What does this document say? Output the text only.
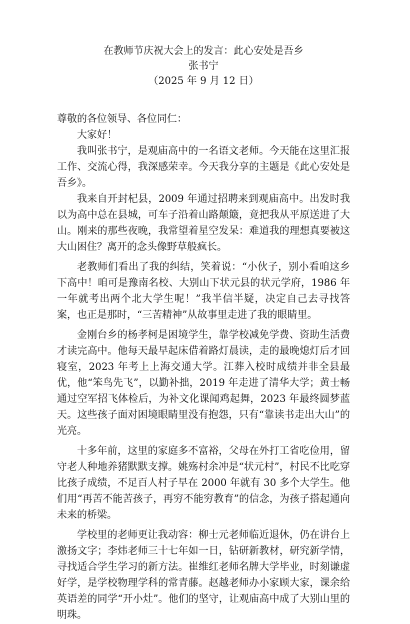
在教师节庆祝大会上的发言：此心安处是吾乡

张书宁

（2025 年 9 月 12 日）

尊敬的各位领导、各位同仁：

大家好！

我叫张书宁，是观庙高中的一名语文老师。今天能在这里汇报工作、交流心得，我深感荣幸。今天我分享的主题是《此心安处是吾乡》。

我来自开封杞县，2009 年通过招聘来到观庙高中。出发时我以为高中总在县城，可车子沿着山路颠簸，竟把我从平原送进了大山。刚来的那些夜晚，我常望着星空发呆：难道我的理想真要被这大山困住？离开的念头像野草般疯长。

老教师们看出了我的纠结，笑着说：“小伙子，别小看咱这乡下高中！咱可是豫南名校、大别山下状元县的状元学府，1986 年一年就考出两个北大学生呢！”我半信半疑，决定自己去寻找答案，也正是那时，“三苦精神”从故事里走进了我的眼睛里。

金刚台乡的杨孝柯是困境学生，靠学校减免学费、资助生活费才读完高中。他每天最早起床借着路灯晨读，走的最晚熄灯后才回寝室，2023 年考上上海交通大学。江葬入校时成绩并非全县最优，他“笨鸟先飞”，以勤补拙，2019 年走进了清华大学；黄士畅通过空军招飞体检后，为补文化课闻鸡起舞，2023 年最终圆梦蓝天。这些孩子面对困境眼睛里没有抱怨，只有“靠读书走出大山”的光亮。

十多年前，这里的家庭多不富裕，父母在外打工省吃俭用，留守老人种地养猪默默支撑。姚殇村余冲是“状元村”，村民不比吃穿比孩子成绩，不足百人村子早在 2000 年就有 30 多个大学生。他们用“再苦不能苦孩子，再穷不能穷教育”的信念，为孩子搭起通向未来的桥梁。

学校里的老师更让我动容：柳士元老师临近退休，仍在讲台上激扬文字；李炜老师三十七年如一日，钻研新教材，研究新学情，寻找适合学生学习的新方法。崔维红老师名牌大学毕业，时刻谦虚好学，是学校物理学科的常青藤。赵越老师办小家顾大家，课余给英语差的同学“开小灶”。他们的坚守，让观庙高中成了大别山里的明珠。
